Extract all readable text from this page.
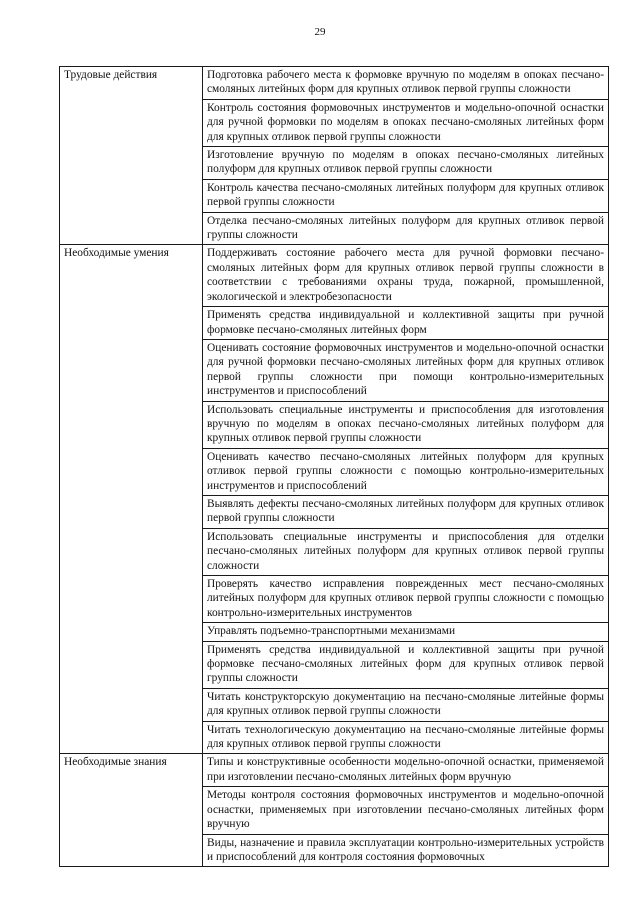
29
Трудовые действия	Подготовка рабочего места к формовке вручную по моделям в опоках песчано-смоляных литейных форм для крупных отливок первой группы сложности
	Контроль состояния формовочных инструментов и модельно-опочной оснастки для ручной формовки по моделям в опоках песчано-смоляных литейных форм для крупных отливок первой группы сложности
	Изготовление вручную по моделям в опоках песчано-смоляных литейных полуформ для крупных отливок первой группы сложности
	Контроль качества песчано-смоляных литейных полуформ для крупных отливок первой группы сложности
	Отделка песчано-смоляных литейных полуформ для крупных отливок первой группы сложности
Необходимые умения	Поддерживать состояние рабочего места для ручной формовки песчано-смоляных литейных форм для крупных отливок первой группы сложности в соответствии с требованиями охраны труда, пожарной, промышленной, экологической и электробезопасности
	Применять средства индивидуальной и коллективной защиты при ручной формовке песчано-смоляных литейных форм
	Оценивать состояние формовочных инструментов и модельно-опочной оснастки для ручной формовки песчано-смоляных литейных форм для крупных отливок первой группы сложности при помощи контрольно-измерительных инструментов и приспособлений
	Использовать специальные инструменты и приспособления для изготовления вручную по моделям в опоках песчано-смоляных литейных полуформ для крупных отливок первой группы сложности
	Оценивать качество песчано-смоляных литейных полуформ для крупных отливок первой группы сложности с помощью контрольно-измерительных инструментов и приспособлений
	Выявлять дефекты песчано-смоляных литейных полуформ для крупных отливок первой группы сложности
	Использовать специальные инструменты и приспособления для отделки песчано-смоляных литейных полуформ для крупных отливок первой группы сложности
	Проверять качество исправления поврежденных мест песчано-смоляных литейных полуформ для крупных отливок первой группы сложности с помощью контрольно-измерительных инструментов
	Управлять подъемно-транспортными механизмами
	Применять средства индивидуальной и коллективной защиты при ручной формовке песчано-смоляных литейных форм для крупных отливок первой группы сложности
	Читать конструкторскую документацию на песчано-смоляные литейные формы для крупных отливок первой группы сложности
	Читать технологическую документацию на песчано-смоляные литейные формы для крупных отливок первой группы сложности
Необходимые знания	Типы и конструктивные особенности модельно-опочной оснастки, применяемой при изготовлении песчано-смоляных литейных форм вручную
	Методы контроля состояния формовочных инструментов и модельно-опочной оснастки, применяемых при изготовлении песчано-смоляных литейных форм вручную
	Виды, назначение и правила эксплуатации контрольно-измерительных устройств и приспособлений для контроля состояния формовочных
